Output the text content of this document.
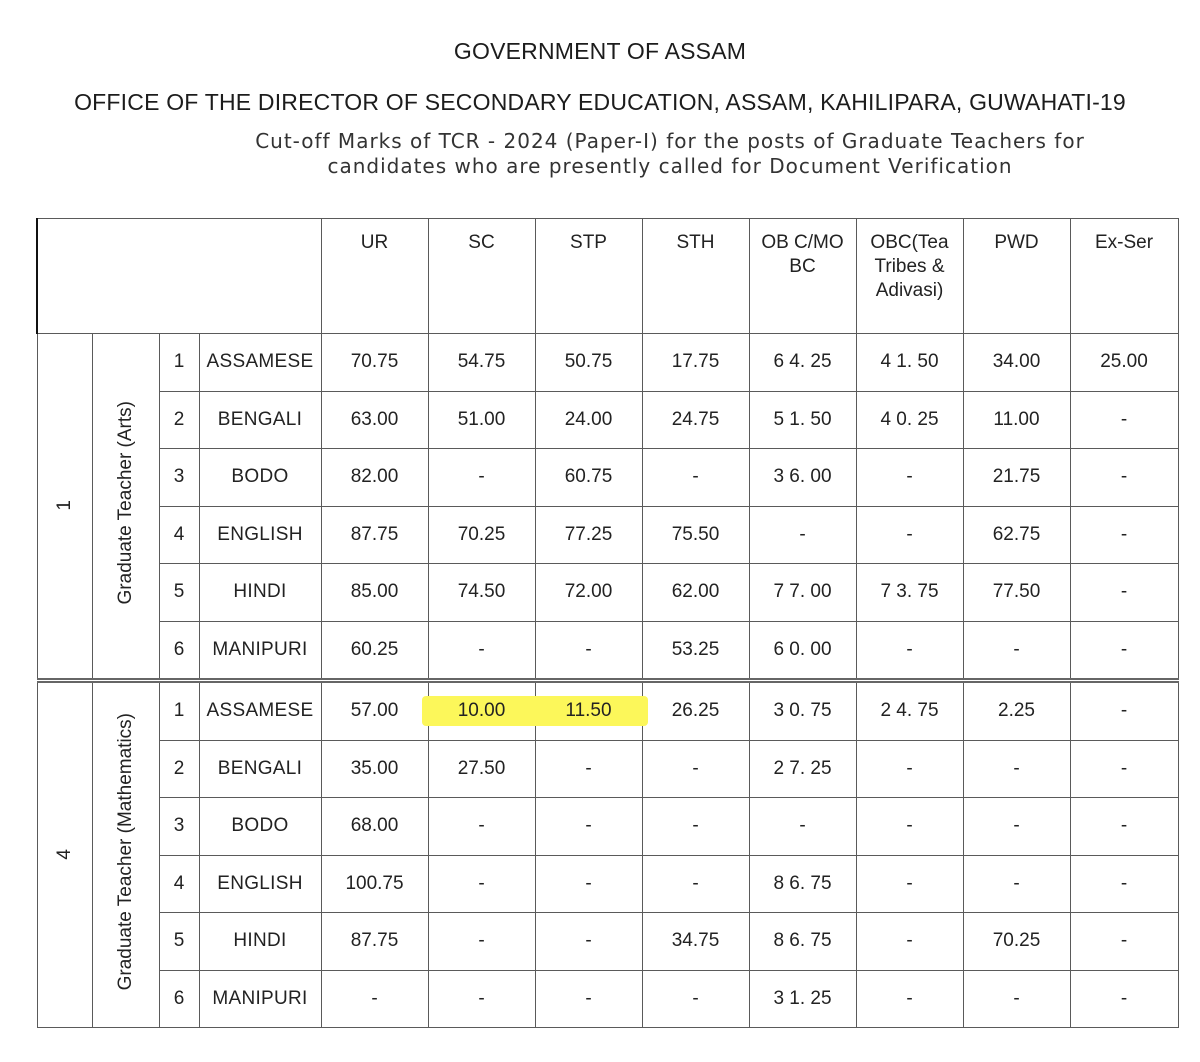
GOVERNMENT OF ASSAM
OFFICE OF THE DIRECTOR OF SECONDARY EDUCATION, ASSAM, KAHILIPARA, GUWAHATI-19
Cut-off Marks of TCR - 2024 (Paper-I) for the posts of Graduate Teachers for
candidates who are presently called for Document Verification
				UR	SC	STP	STH	OB C/MO BC	OBC(Tea Tribes & Adivasi)	PWD	Ex-Ser
1	Graduate Teacher (Arts)	1	ASSAMESE	70.75	54.75	50.75	17.75	6 4. 25	4 1. 50	34.00	25.00
		2	BENGALI	63.00	51.00	24.00	24.75	5 1. 50	4 0. 25	11.00	-
		3	BODO	82.00	-	60.75	-	3 6. 00	-	21.75	-
		4	ENGLISH	87.75	70.25	77.25	75.50	-	-	62.75	-
		5	HINDI	85.00	74.50	72.00	62.00	7 7. 00	7 3. 75	77.50	-
		6	MANIPURI	60.25	-	-	53.25	6 0. 00	-	-	-
4	Graduate Teacher (Mathematics)	1	ASSAMESE	57.00	10.00	11.50	26.25	3 0. 75	2 4. 75	2.25	-
		2	BENGALI	35.00	27.50	-	-	2 7. 25	-	-	-
		3	BODO	68.00	-	-	-	-	-	-	-
		4	ENGLISH	100.75	-	-	-	8 6. 75	-	-	-
		5	HINDI	87.75	-	-	34.75	8 6. 75	-	70.25	-
		6	MANIPURI	-	-	-	-	3 1. 25	-	-	-
